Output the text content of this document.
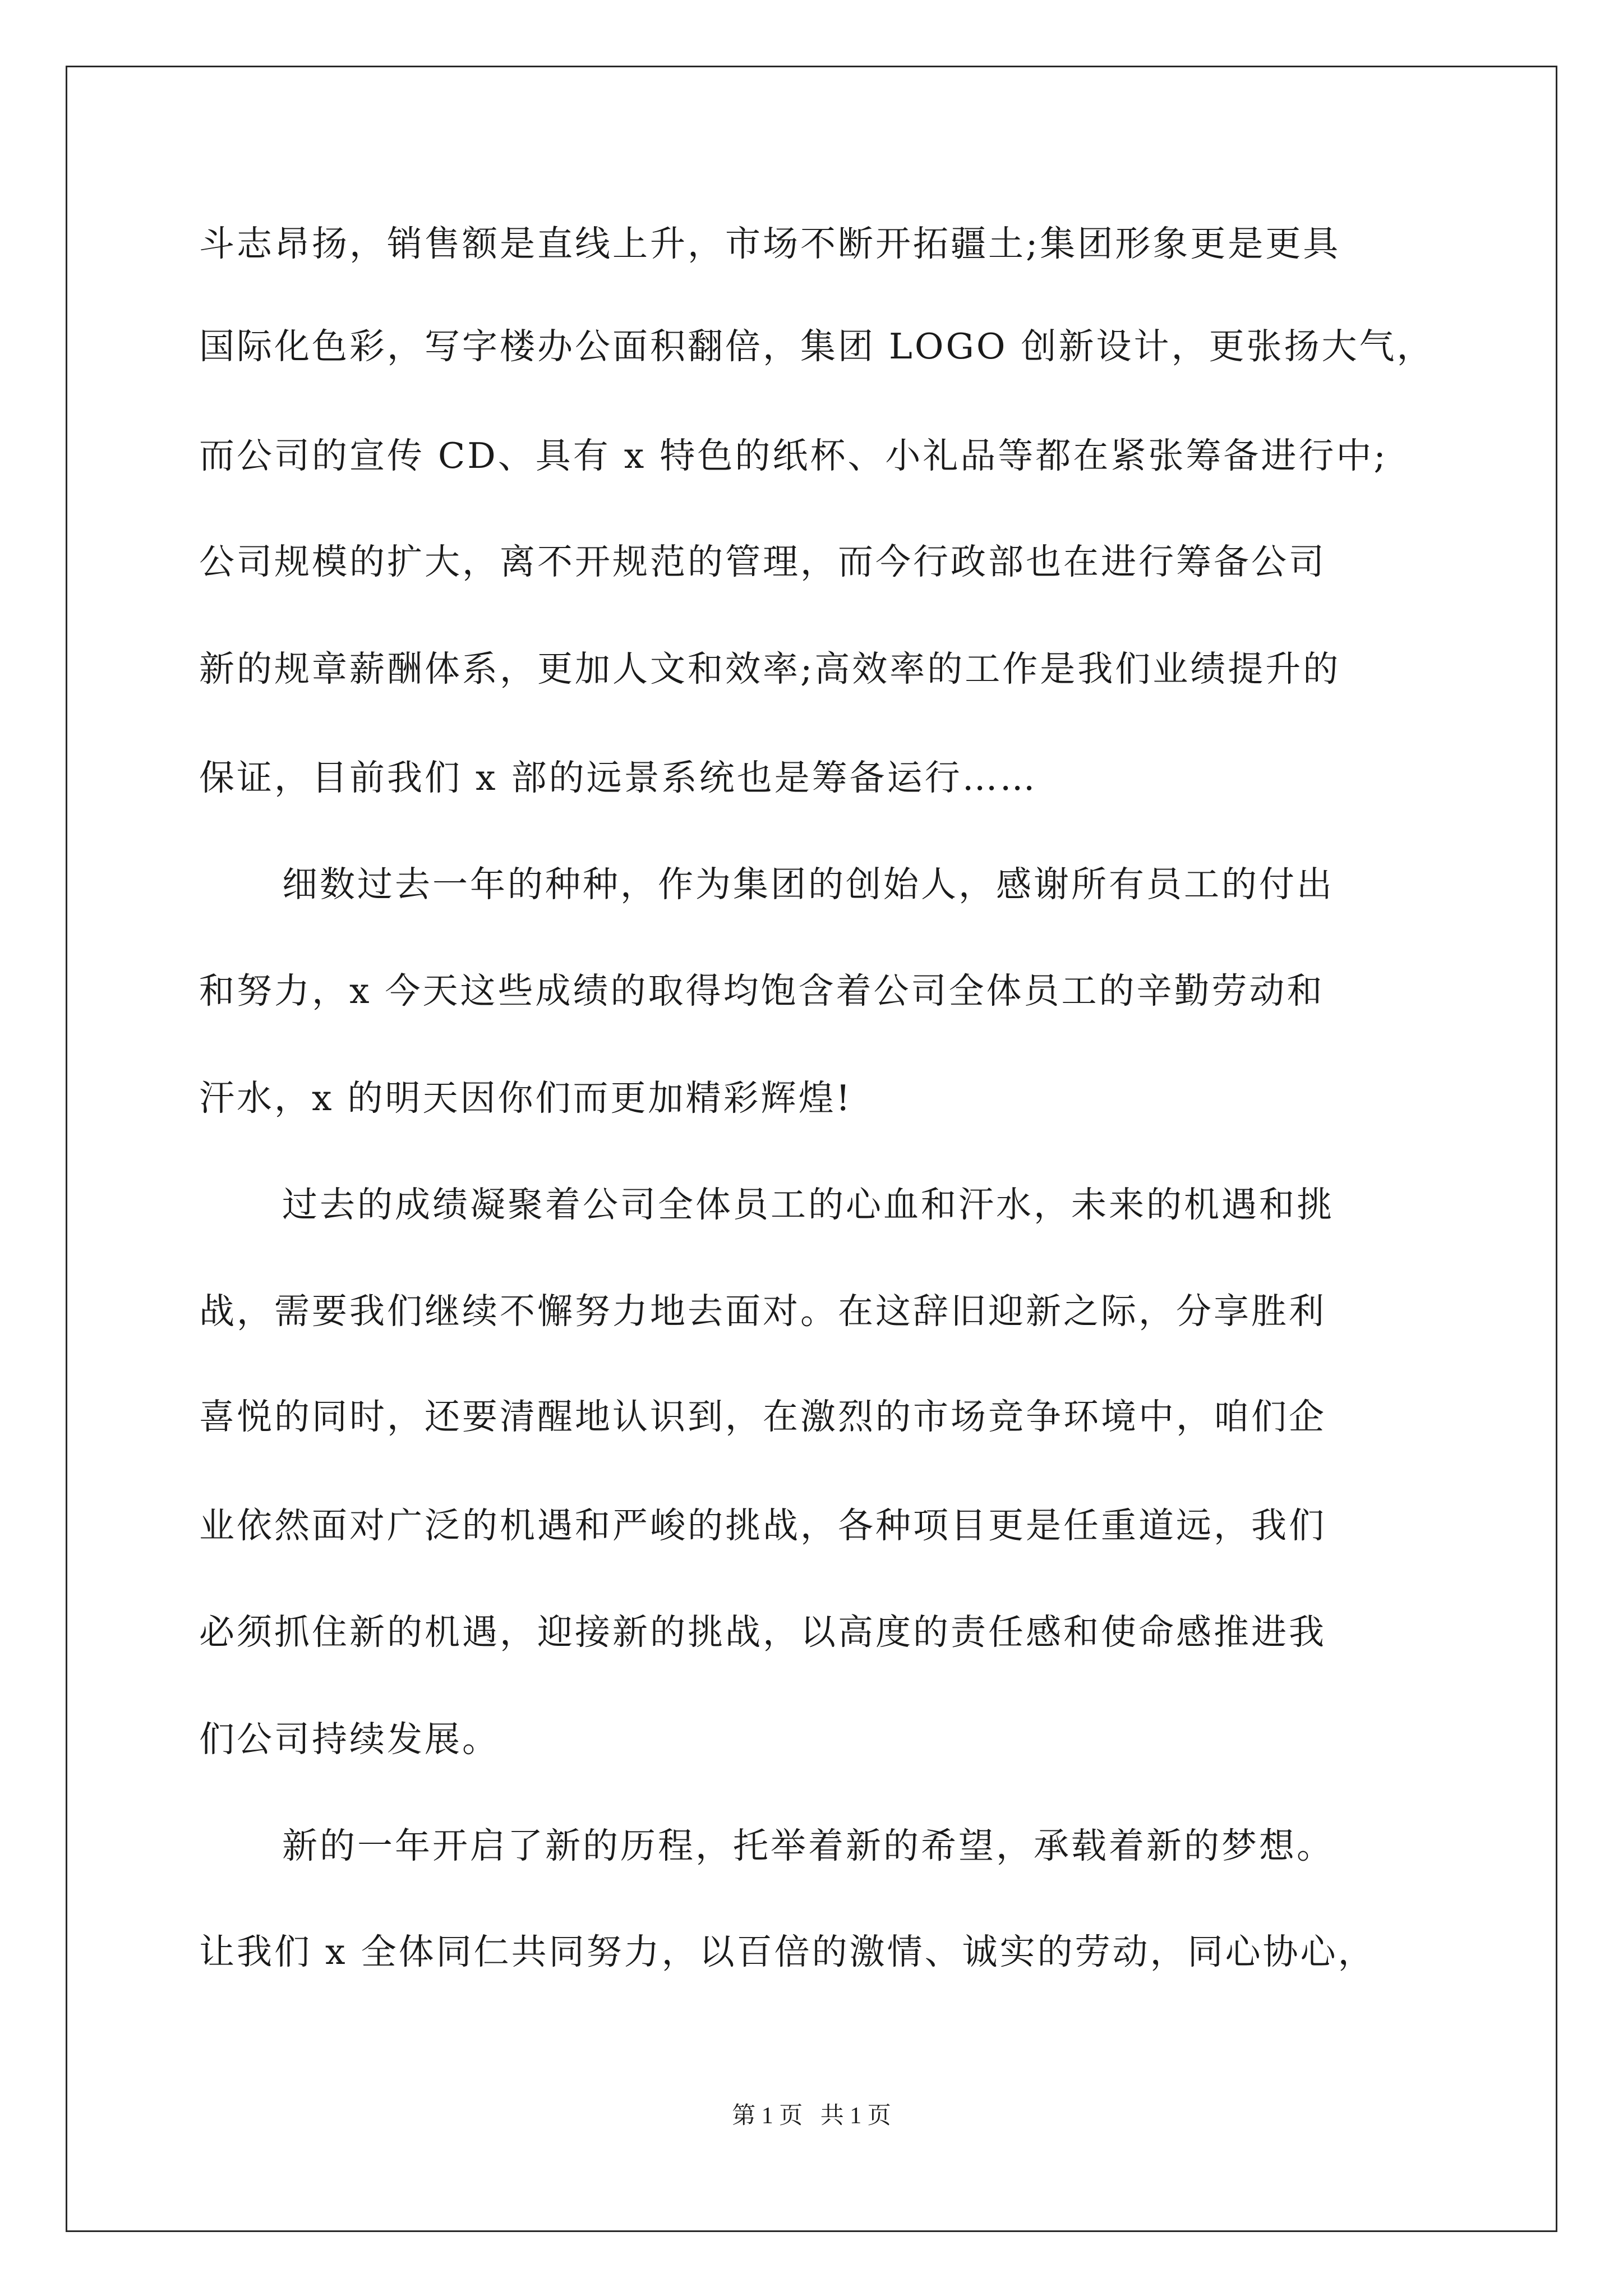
斗志昂扬，销售额是直线上升，市场不断开拓疆土;集团形象更是更具
国际化色彩，写字楼办公面积翻倍，集团 LOGO 创新设计，更张扬大气，
而公司的宣传 CD、具有 x 特色的纸杯、小礼品等都在紧张筹备进行中;
公司规模的扩大，离不开规范的管理，而今行政部也在进行筹备公司
新的规章薪酬体系，更加人文和效率;高效率的工作是我们业绩提升的
保证，目前我们 x 部的远景系统也是筹备运行……
细数过去一年的种种，作为集团的创始人，感谢所有员工的付出
和努力，x 今天这些成绩的取得均饱含着公司全体员工的辛勤劳动和
汗水，x 的明天因你们而更加精彩辉煌!
过去的成绩凝聚着公司全体员工的心血和汗水，未来的机遇和挑
战，需要我们继续不懈努力地去面对。在这辞旧迎新之际，分享胜利
喜悦的同时，还要清醒地认识到，在激烈的市场竞争环境中，咱们企
业依然面对广泛的机遇和严峻的挑战，各种项目更是任重道远，我们
必须抓住新的机遇，迎接新的挑战，以高度的责任感和使命感推进我
们公司持续发展。
新的一年开启了新的历程，托举着新的希望，承载着新的梦想。
让我们 x 全体同仁共同努力，以百倍的激情、诚实的劳动，同心协心，
第 1 页   共 1 页
